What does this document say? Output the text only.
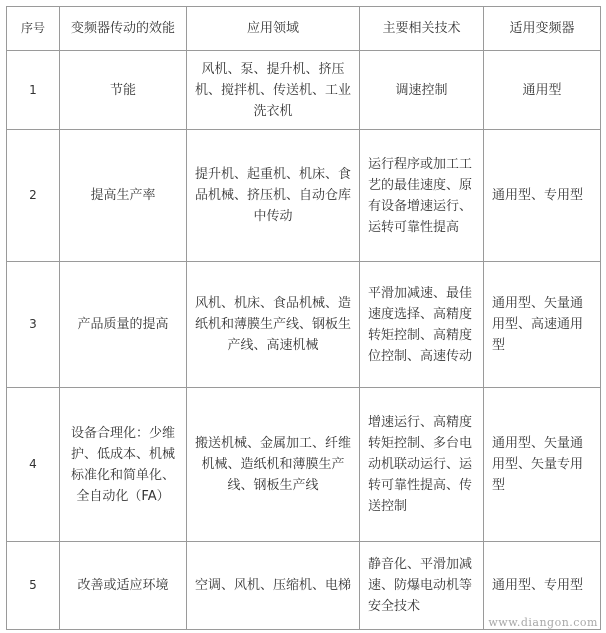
序号	变频器传动的效能	应用领域	主要相关技术	适用变频器
1	节能	风机、泵、提升机、挤压机、搅拌机、传送机、工业洗衣机	调速控制	通用型
2	提高生产率	提升机、起重机、机床、食品机械、挤压机、自动仓库中传动	运行程序或加工工艺的最佳速度、原有设备增速运行、运转可靠性提高	通用型、专用型
3	产品质量的提高	风机、机床、食品机械、造纸机和薄膜生产线、钢板生产线、高速机械	平滑加减速、最佳速度选择、高精度转矩控制、高精度位控制、高速传动	通用型、矢量通用型、高速通用型
4	设备合理化：少维护、低成本、机械标准化和简单化、全自动化（FA）	搬送机械、金属加工、纤维机械、造纸机和薄膜生产线、钢板生产线	增速运行、高精度转矩控制、多台电动机联动运行、运转可靠性提高、传送控制	通用型、矢量通用型、矢量专用型
5	改善或适应环境	空调、风机、压缩机、电梯	静音化、平滑加减速、防爆电动机等安全技术	通用型、专用型
www.diangon.com
